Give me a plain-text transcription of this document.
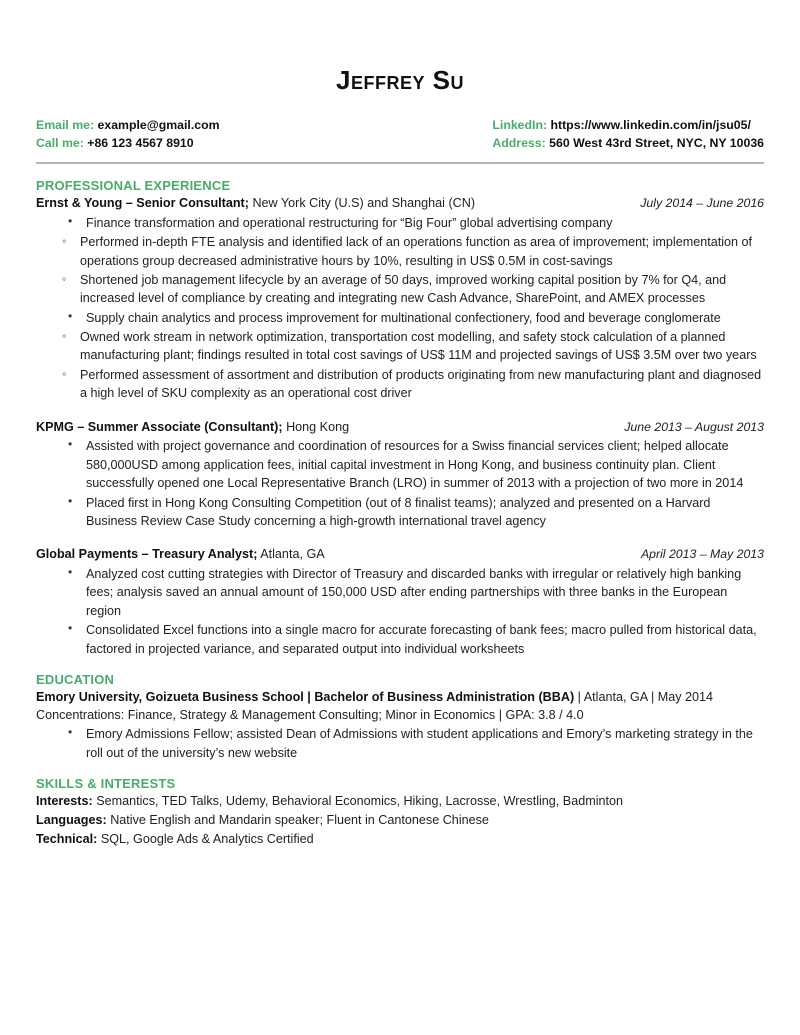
Jeffrey Su
Email me: example@gmail.com
Call me: +86 123 4567 8910
LinkedIn: https://www.linkedin.com/in/jsu05/
Address: 560 West 43rd Street, NYC, NY 10036
PROFESSIONAL EXPERIENCE
Ernst & Young – Senior Consultant; New York City (U.S) and Shanghai (CN)	July 2014 – June 2016
• Finance transformation and operational restructuring for “Big Four” global advertising company
◦ Performed in-depth FTE analysis and identified lack of an operations function as area of improvement; implementation of operations group decreased administrative hours by 10%, resulting in US$ 0.5M in cost-savings
◦ Shortened job management lifecycle by an average of 50 days, improved working capital position by 7% for Q4, and increased level of compliance by creating and integrating new Cash Advance, SharePoint, and AMEX processes
• Supply chain analytics and process improvement for multinational confectionery, food and beverage conglomerate
◦ Owned work stream in network optimization, transportation cost modelling, and safety stock calculation of a planned manufacturing plant; findings resulted in total cost savings of US$ 11M and projected savings of US$ 3.5M over two years
◦ Performed assessment of assortment and distribution of products originating from new manufacturing plant and diagnosed a high level of SKU complexity as an operational cost driver
KPMG – Summer Associate (Consultant); Hong Kong	June 2013 – August 2013
• Assisted with project governance and coordination of resources for a Swiss financial services client; helped allocate 580,000USD among application fees, initial capital investment in Hong Kong, and business continuity plan. Client successfully opened one Local Representative Branch (LRO) in summer of 2013 with a projection of two more in 2014
• Placed first in Hong Kong Consulting Competition (out of 8 finalist teams); analyzed and presented on a Harvard Business Review Case Study concerning a high-growth international travel agency
Global Payments – Treasury Analyst; Atlanta, GA	April 2013 – May 2013
• Analyzed cost cutting strategies with Director of Treasury and discarded banks with irregular or relatively high banking fees; analysis saved an annual amount of 150,000 USD after ending partnerships with three banks in the European region
• Consolidated Excel functions into a single macro for accurate forecasting of bank fees; macro pulled from historical data, factored in projected variance, and separated output into individual worksheets
EDUCATION
Emory University, Goizueta Business School | Bachelor of Business Administration (BBA) | Atlanta, GA | May 2014
Concentrations: Finance, Strategy & Management Consulting; Minor in Economics | GPA: 3.8 / 4.0
• Emory Admissions Fellow; assisted Dean of Admissions with student applications and Emory’s marketing strategy in the roll out of the university’s new website
SKILLS & INTERESTS
Interests: Semantics, TED Talks, Udemy, Behavioral Economics, Hiking, Lacrosse, Wrestling, Badminton
Languages: Native English and Mandarin speaker; Fluent in Cantonese Chinese
Technical: SQL, Google Ads & Analytics Certified
